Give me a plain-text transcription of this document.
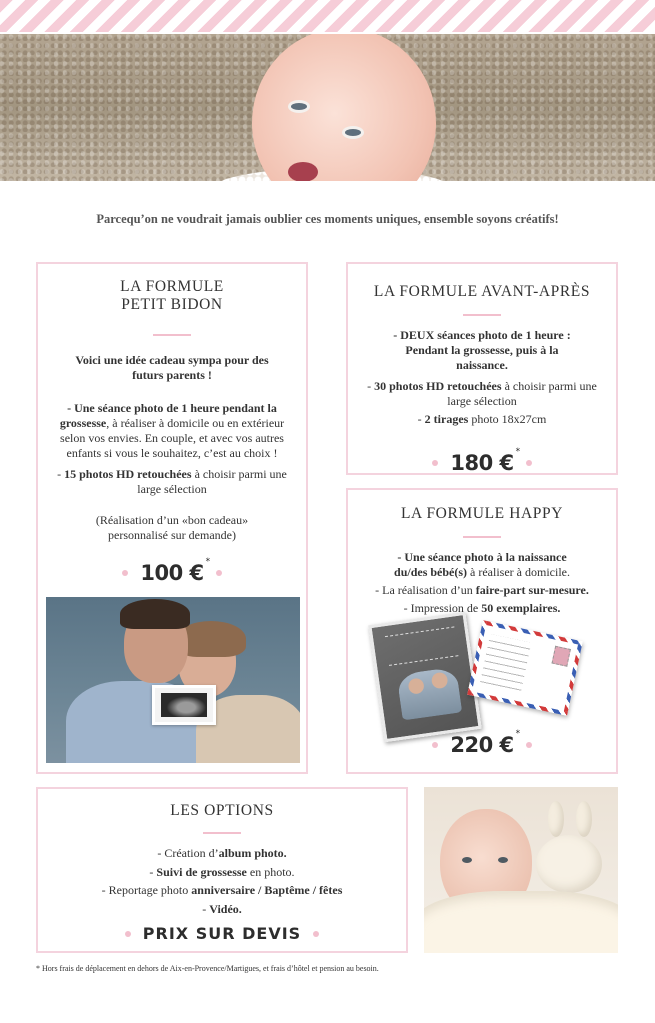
Parcequ’on ne voudrait jamais oublier ces moments uniques, ensemble soyons créatifs!
LA FORMULE
PETIT BIDON

Voici une idée cadeau sympa pour des futurs parents !

- Une séance photo de 1 heure pendant la grossesse, à réaliser à domicile ou en extérieur selon vos envies. En couple, et avec vos autres enfants si vous le souhaitez, c’est au choix !

- 15 photos HD retouchées à choisir parmi une large sélection

(Réalisation d’un «bon cadeau» personnalisé sur demande)

100 € *
LA FORMULE AVANT-APRÈS

- DEUX séances photo de 1 heure : Pendant la grossesse, puis à la naissance.

- 30 photos HD retouchées à choisir parmi une large sélection

- 2 tirages photo 18x27cm

180 € *
LA FORMULE HAPPY

- Une séance photo à la naissance du/des bébé(s) à réaliser à domicile.

- La réalisation d’un faire-part sur-mesure.

- Impression de 50 exemplaires.

220 € *
LES OPTIONS

- Création d’album photo.

- Suivi de grossesse en photo.

- Reportage photo anniversaire / Baptême / fêtes

- Vidéo.

PRIX SUR DEVIS
* Hors frais de déplacement en dehors de Aix-en-Provence/Martigues, et frais d’hôtel et pension au besoin.
